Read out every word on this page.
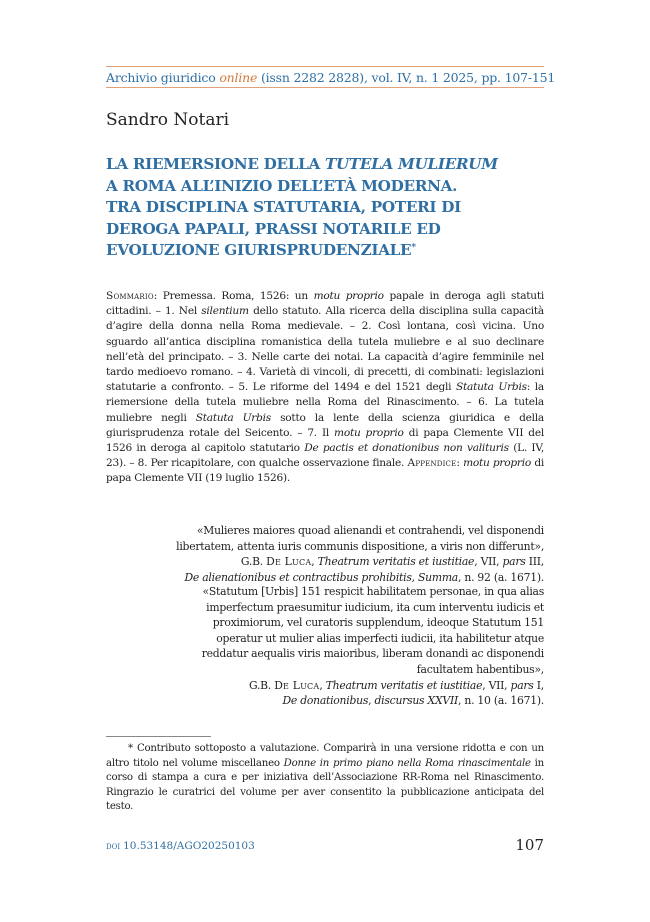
Archivio giuridico online (issn 2282 2828), vol. IV, n. 1 2025, pp. 107-151
Sandro Notari
LA RIEMERSIONE DELLA TUTELA MULIERUM
A ROMA ALL’INIZIO DELL’ETÀ MODERNA.
TRA DISCIPLINA STATUTARIA, POTERI DI
DEROGA PAPALI, PRASSI NOTARILE ED
EVOLUZIONE GIURISPRUDENZIALE*
Sommario: Premessa. Roma, 1526: un motu proprio papale in deroga agli statuti cittadini. – 1. Nel silentium dello statuto. Alla ricerca della disciplina sulla capacità d’agire della donna nella Roma medievale. – 2. Così lontana, così vicina. Uno sguardo all’antica disciplina romanistica della tutela muliebre e al suo declinare nell’età del principato. – 3. Nelle carte dei notai. La capacità d’agire femminile nel tardo medioevo romano. – 4. Varietà di vincoli, di precetti, di combinati: legislazioni statutarie a confronto. – 5. Le riforme del 1494 e del 1521 degli Statuta Urbis: la riemersione della tutela muliebre nella Roma del Rinascimento. – 6. La tutela muliebre negli Statuta Urbis sotto la lente della scienza giuridica e della giurisprudenza rotale del Seicento. – 7. Il motu proprio di papa Clemente VII del 1526 in deroga al capitolo statutario De pactis et donationibus non valituris (L. IV, 23). – 8. Per ricapitolare, con qualche osservazione finale. Appendice: motu proprio di papa Clemente VII (19 luglio 1526).
«Mulieres maiores quoad alienandi et contrahendi, vel disponendi
libertatem, attenta iuris communis dispositione, a viris non differunt»,
G.B. De Luca, Theatrum veritatis et iustitiae, VII, pars III,
De alienationibus et contractibus prohibitis, Summa, n. 92 (a. 1671).
«Statutum [Urbis] 151 respicit habilitatem personae, in qua alias
imperfectum praesumitur iudicium, ita cum interventu iudicis et
proximiorum, vel curatoris supplendum, ideoque Statutum 151
operatur ut mulier alias imperfecti iudicii, ita habilitetur atque
reddatur aequalis viris maioribus, liberam donandi ac disponendi
facultatem habentibus»,
G.B. De Luca, Theatrum veritatis et iustitiae, VII, pars I,
De donationibus, discursus XXVII, n. 10 (a. 1671).
* Contributo sottoposto a valutazione. Comparirà in una versione ridotta e con un altro titolo nel volume miscellaneo Donne in primo piano nella Roma rinascimentale in corso di stampa a cura e per iniziativa dell’Associazione RR-Roma nel Rinascimento. Ringrazio le curatrici del volume per aver consentito la pubblicazione anticipata del testo.
doi 10.53148/AGO20250103	107
